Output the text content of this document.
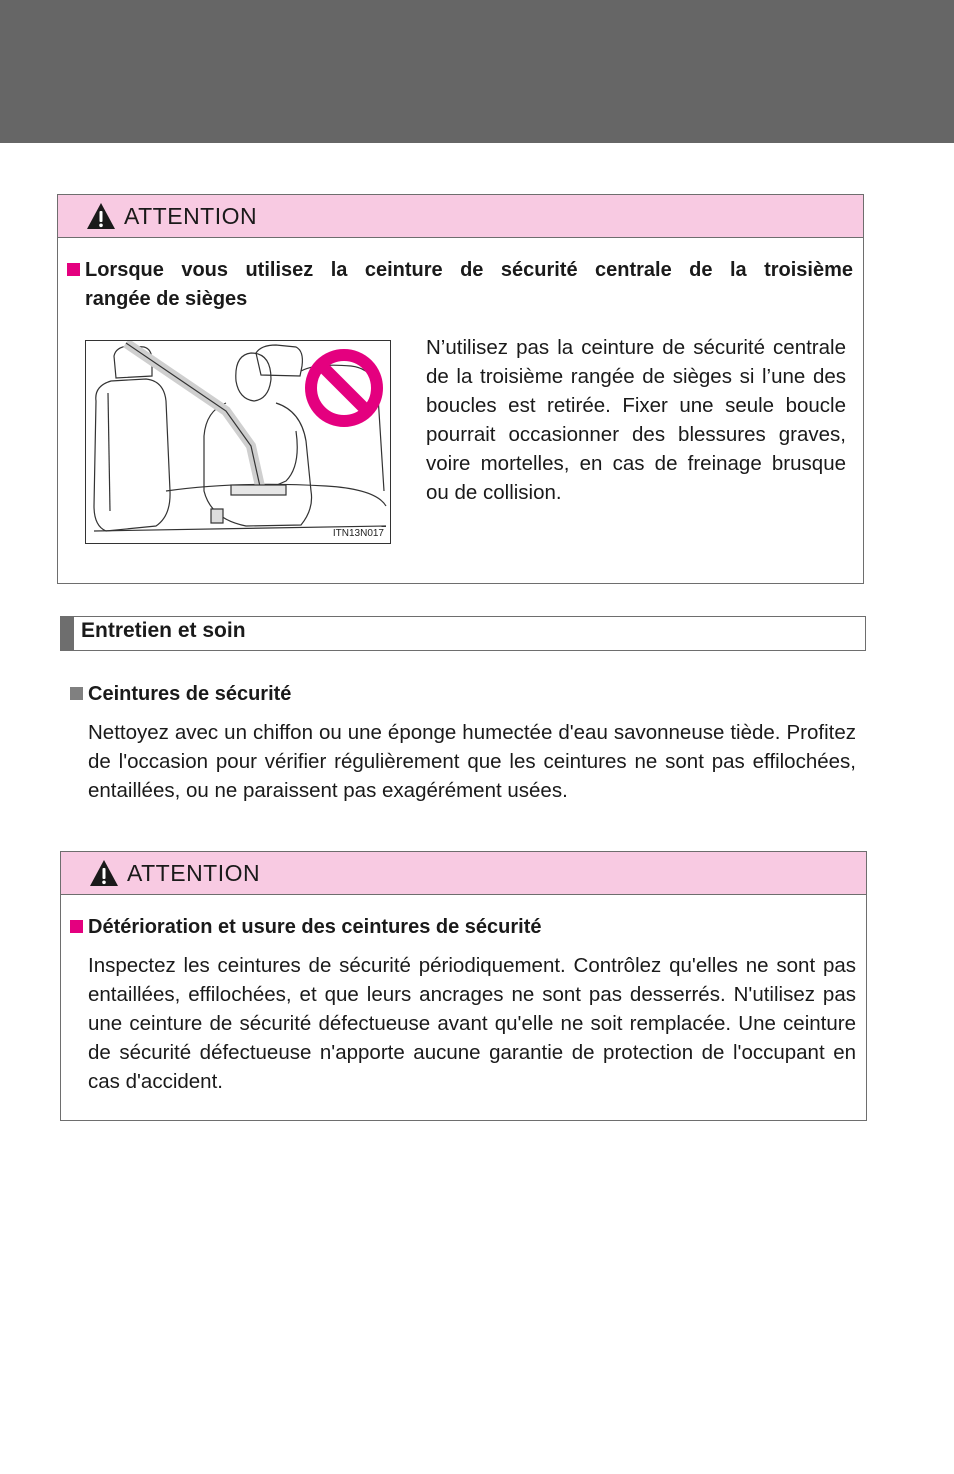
ATTENTION
Lorsque vous utilisez la ceinture de sécurité centrale de la troisième
rangée de sièges
ITN13N017

N’utilisez pas la ceinture de sécurité centrale de la troisième rangée de sièges si l’une des boucles est retirée. Fixer une seule boucle pourrait occasionner des blessures graves, voire mortelles, en cas de freinage brusque ou de collision.

Entretien et soin
Ceintures de sécurité

Nettoyez avec un chiffon ou une éponge humectée d'eau savonneuse tiède. Profitez de l'occasion pour vérifier régulièrement que les ceintures ne sont pas effilochées, entaillées, ou ne paraissent pas exagérément usées.

ATTENTION
Détérioration et usure des ceintures de sécurité

Inspectez les ceintures de sécurité périodiquement. Contrôlez qu'elles ne sont pas entaillées, effilochées, et que leurs ancrages ne sont pas desserrés. N'utilisez pas une ceinture de sécurité défectueuse avant qu'elle ne soit remplacée. Une ceinture de sécurité défectueuse n'apporte aucune garantie de protection de l'occupant en cas d'accident.
